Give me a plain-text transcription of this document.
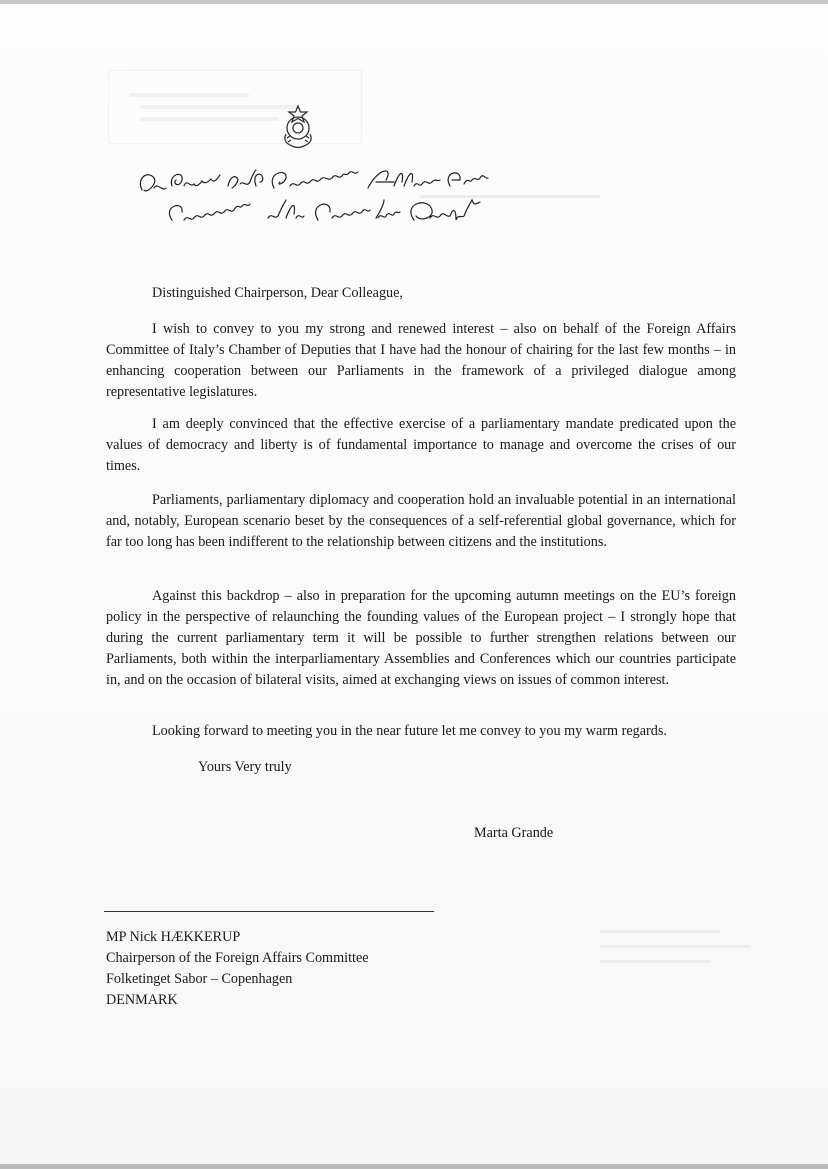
Distinguished Chairperson, Dear Colleague,
I wish to convey to you my strong and renewed interest – also on behalf of the Foreign Affairs Committee of Italy’s Chamber of Deputies that I have had the honour of chairing for the last few months – in enhancing cooperation between our Parliaments in the framework of a privileged dialogue among representative legislatures.
I am deeply convinced that the effective exercise of a parliamentary mandate predicated upon the values of democracy and liberty is of fundamental importance to manage and overcome the crises of our times.
Parliaments, parliamentary diplomacy and cooperation hold an invaluable potential in an international and, notably, European scenario beset by the consequences of a self-referential global governance, which for far too long has been indifferent to the relationship between citizens and the institutions.
Against this backdrop – also in preparation for the upcoming autumn meetings on the EU’s foreign policy in the perspective of relaunching the founding values of the European project – I strongly hope that during the current parliamentary term it will be possible to further strengthen relations between our Parliaments, both within the interparliamentary Assemblies and Conferences which our countries participate in, and on the occasion of bilateral visits, aimed at exchanging views on issues of common interest.
Looking forward to meeting you in the near future let me convey to you my warm regards.
Yours Very truly
Marta Grande
MP Nick HÆKKERUP
Chairperson of the Foreign Affairs Committee
Folketinget Sabor – Copenhagen
DENMARK
